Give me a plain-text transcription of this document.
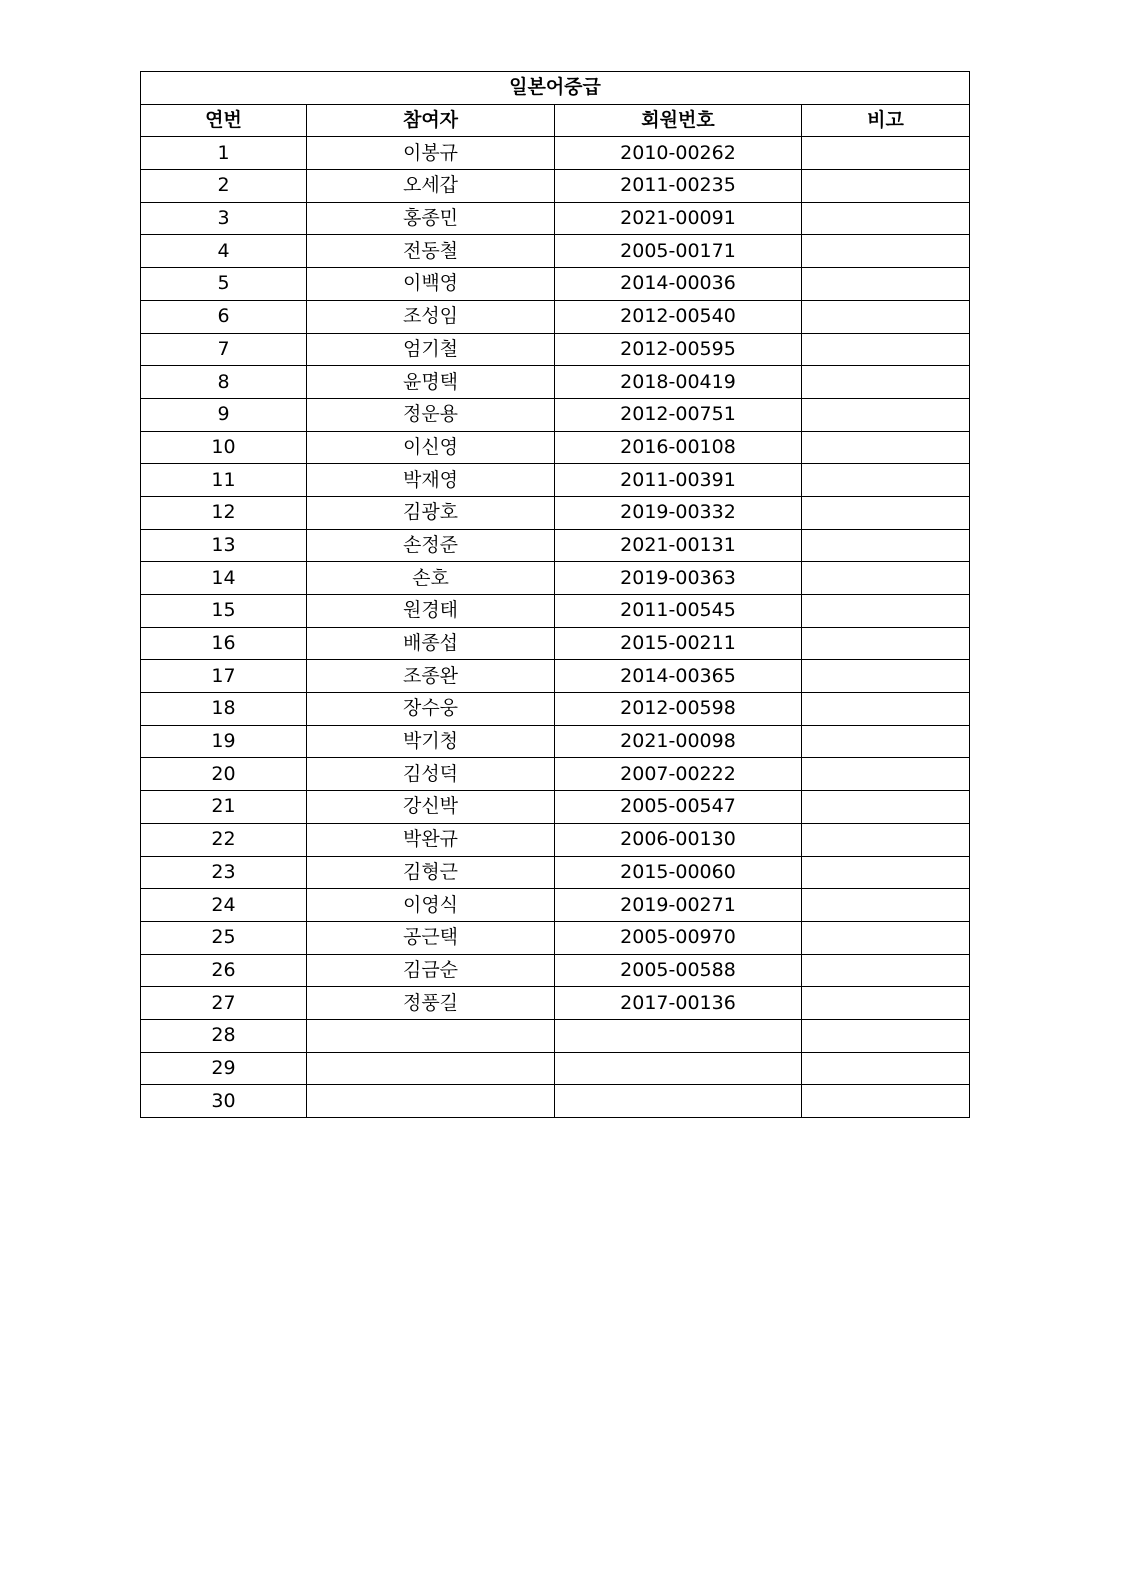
일본어중급			
연번	참여자	회원번호	비고
1	이봉규	2010-00262	
2	오세갑	2011-00235	
3	홍종민	2021-00091	
4	전동철	2005-00171	
5	이백영	2014-00036	
6	조성임	2012-00540	
7	엄기철	2012-00595	
8	윤명택	2018-00419	
9	정운용	2012-00751	
10	이신영	2016-00108	
11	박재영	2011-00391	
12	김광호	2019-00332	
13	손정준	2021-00131	
14	손호	2019-00363	
15	원경태	2011-00545	
16	배종섭	2015-00211	
17	조종완	2014-00365	
18	장수웅	2012-00598	
19	박기청	2021-00098	
20	김성덕	2007-00222	
21	강신박	2005-00547	
22	박완규	2006-00130	
23	김형근	2015-00060	
24	이영식	2019-00271	
25	공근택	2005-00970	
26	김금순	2005-00588	
27	정풍길	2017-00136	
28			
29			
30			
